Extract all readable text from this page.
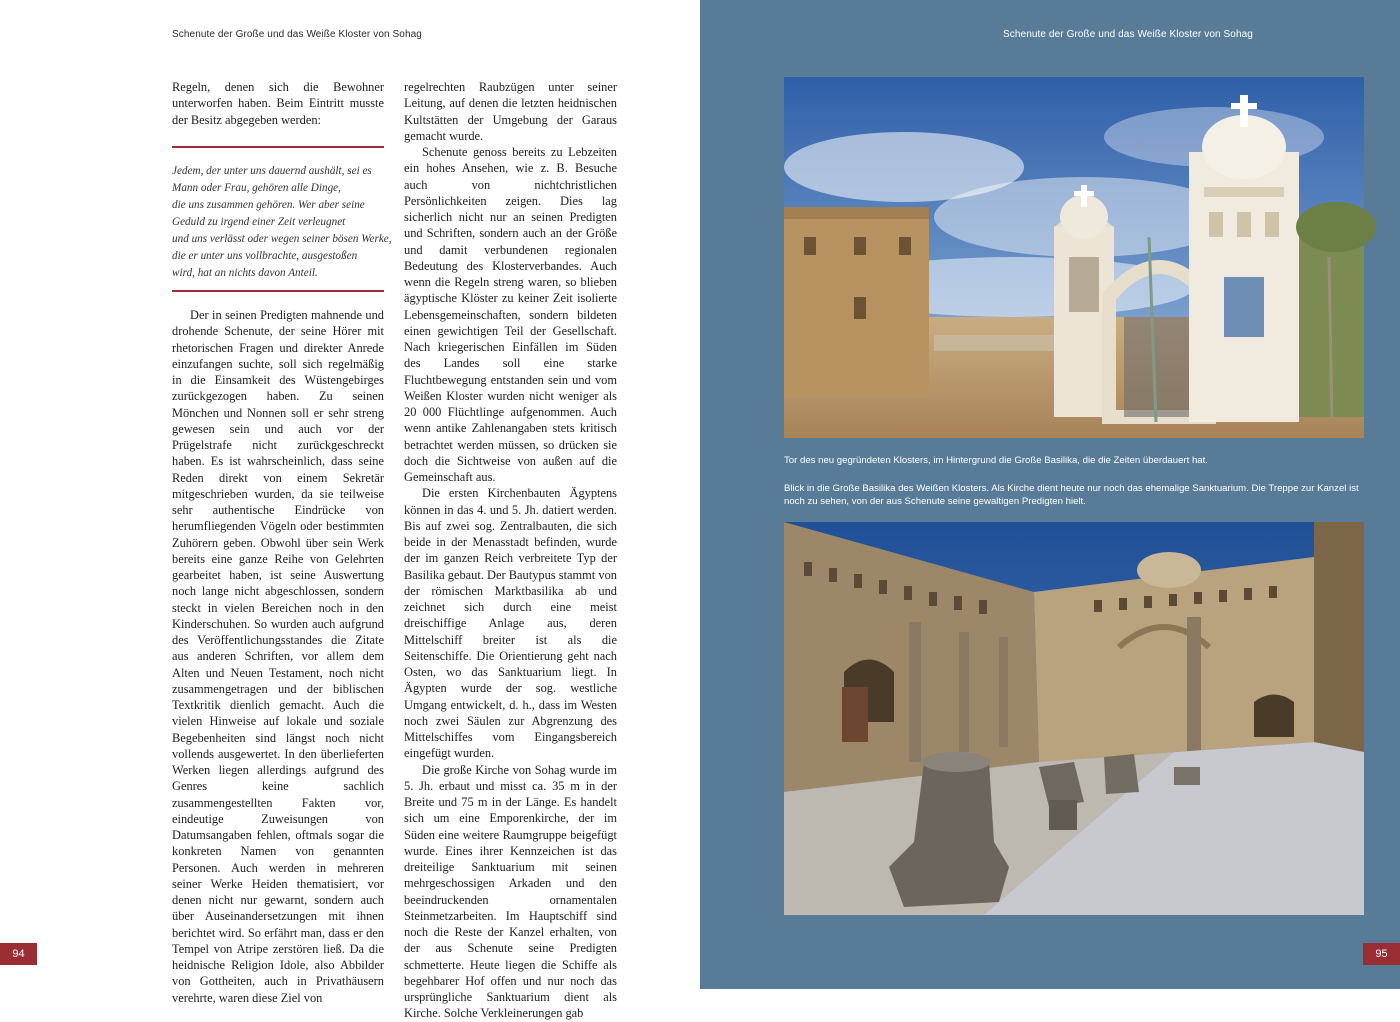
Schenute der Große und das Weiße Kloster von Sohag

Regeln, denen sich die Bewohner unterworfen haben. Beim Eintritt musste der Besitz abgegeben werden:

Jedem, der unter uns dauernd aushält, sei es
Mann oder Frau, gehören alle Dinge,
die uns zusammen gehören. Wer aber seine
Geduld zu irgend einer Zeit verleugnet
und uns verlässt oder wegen seiner bösen Werke,
die er unter uns vollbrachte, ausgestoßen
wird, hat an nichts davon Anteil.

Der in seinen Predigten mahnende und drohende Schenute, der seine Hörer mit rhetorischen Fragen und direkter Anrede einzufangen suchte, soll sich regelmäßig in die Einsamkeit des Wüstengebirges zurückgezogen haben. Zu seinen Mönchen und Nonnen soll er sehr streng gewesen sein und auch vor der Prügelstrafe nicht zurückgeschreckt haben. Es ist wahrscheinlich, dass seine Reden direkt von einem Sekretär mitgeschrieben wurden, da sie teilweise sehr authentische Eindrücke von herumfliegenden Vögeln oder bestimmten Zuhörern geben. Obwohl über sein Werk bereits eine ganze Reihe von Gelehrten gearbeitet haben, ist seine Auswertung noch lange nicht abgeschlossen, sondern steckt in vielen Bereichen noch in den Kinderschuhen. So wurden auch aufgrund des Veröffentlichungsstandes die Zitate aus anderen Schriften, vor allem dem Alten und Neuen Testament, noch nicht zusammengetragen und der biblischen Textkritik dienlich gemacht. Auch die vielen Hinweise auf lokale und soziale Begebenheiten sind längst noch nicht vollends ausgewertet. In den überlieferten Werken liegen allerdings aufgrund des Genres keine sachlich zusammengestellten Fakten vor, eindeutige Zuweisungen von Datumsangaben fehlen, oftmals sogar die konkreten Namen von genannten Personen. Auch werden in mehreren seiner Werke Heiden thematisiert, vor denen nicht nur gewarnt, sondern auch über Auseinandersetzungen mit ihnen berichtet wird. So erfährt man, dass er den Tempel von Atripe zerstören ließ. Da die heidnische Religion Idole, also Abbilder von Gottheiten, auch in Privathäusern verehrte, waren diese Ziel von

regelrechten Raubzügen unter seiner Leitung, auf denen die letzten heidnischen Kultstätten der Umgebung der Garaus gemacht wurde.

Schenute genoss bereits zu Lebzeiten ein hohes Ansehen, wie z. B. Besuche auch von nichtchristlichen Persönlichkeiten zeigen. Dies lag sicherlich nicht nur an seinen Predigten und Schriften, sondern auch an der Größe und damit verbundenen regionalen Bedeutung des Klosterverbandes. Auch wenn die Regeln streng waren, so blieben ägyptische Klöster zu keiner Zeit isolierte Lebensgemeinschaften, sondern bildeten einen gewichtigen Teil der Gesellschaft. Nach kriegerischen Einfällen im Süden des Landes soll eine starke Fluchtbewegung entstanden sein und vom Weißen Kloster wurden nicht weniger als 20 000 Flüchtlinge aufgenommen. Auch wenn antike Zahlenangaben stets kritisch betrachtet werden müssen, so drücken sie doch die Sichtweise von außen auf die Gemeinschaft aus.

Die ersten Kirchenbauten Ägyptens können in das 4. und 5. Jh. datiert werden. Bis auf zwei sog. Zentralbauten, die sich beide in der Menasstadt befinden, wurde der im ganzen Reich verbreitete Typ der Basilika gebaut. Der Bautypus stammt von der römischen Marktbasilika ab und zeichnet sich durch eine meist dreischiffige Anlage aus, deren Mittelschiff breiter ist als die Seitenschiffe. Die Orientierung geht nach Osten, wo das Sanktuarium liegt. In Ägypten wurde der sog. westliche Umgang entwickelt, d. h., dass im Westen noch zwei Säulen zur Abgrenzung des Mittelschiffes vom Eingangsbereich eingefügt wurden.

Die große Kirche von Sohag wurde im 5. Jh. erbaut und misst ca. 35 m in der Breite und 75 m in der Länge. Es handelt sich um eine Emporenkirche, der im Süden eine weitere Raumgruppe beigefügt wurde. Eines ihrer Kennzeichen ist das dreiteilige Sanktuarium mit seinen mehrgeschossigen Arkaden und den beeindruckenden ornamentalen Steinmetzarbeiten. Im Hauptschiff sind noch die Reste der Kanzel erhalten, von der aus Schenute seine Predigten schmetterte. Heute liegen die Schiffe als begehbarer Hof offen und nur noch das ursprüngliche Sanktuarium dient als Kirche. Solche Verkleinerungen gab

94
Schenute der Große und das Weiße Kloster von Sohag
Tor des neu gegründeten Klosters, im Hintergrund die Große Basilika, die die Zeiten überdauert hat.
Blick in die Große Basilika des Weißen Klosters. Als Kirche dient heute nur noch das ehemalige Sanktuarium. Die Treppe zur Kanzel ist noch zu sehen, von der aus Schenute seine gewaltigen Predigten hielt.
95
